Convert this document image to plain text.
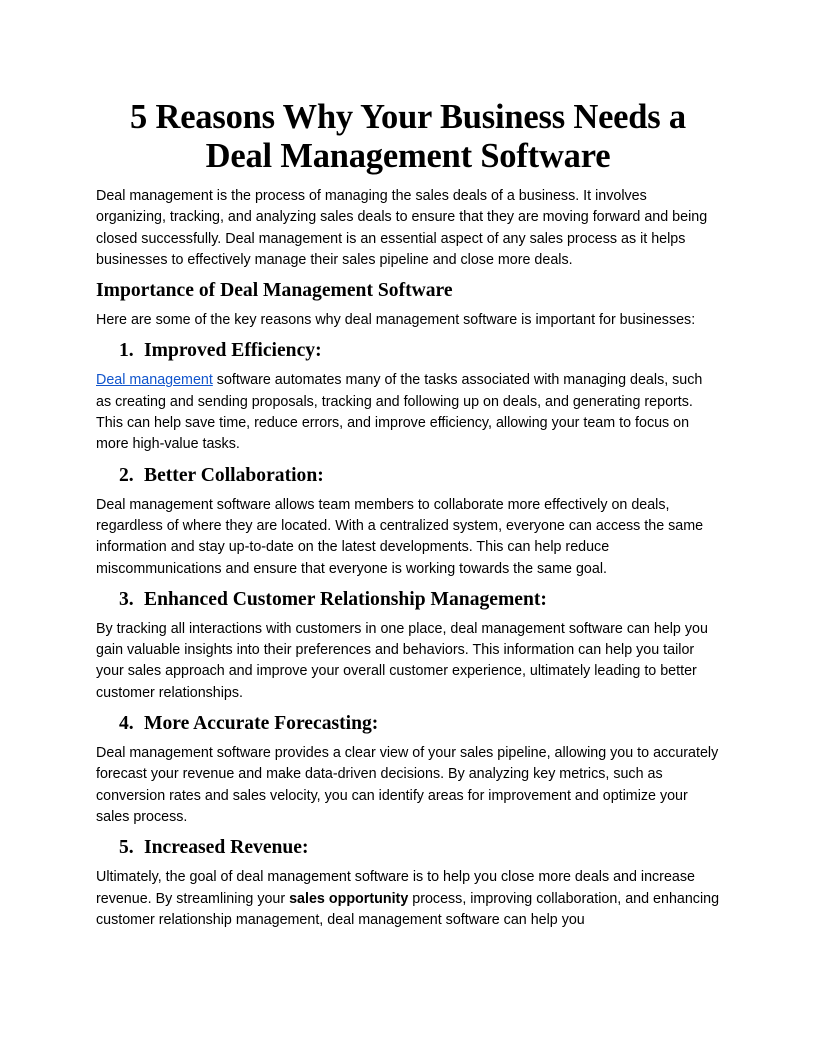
5 Reasons Why Your Business Needs a Deal Management Software

Deal management is the process of managing the sales deals of a business. It involves organizing, tracking, and analyzing sales deals to ensure that they are moving forward and being closed successfully. Deal management is an essential aspect of any sales process as it helps businesses to effectively manage their sales pipeline and close more deals.

Importance of Deal Management Software

Here are some of the key reasons why deal management software is important for businesses:

1. Improved Efficiency:

Deal management software automates many of the tasks associated with managing deals, such as creating and sending proposals, tracking and following up on deals, and generating reports. This can help save time, reduce errors, and improve efficiency, allowing your team to focus on more high-value tasks.

2. Better Collaboration:

Deal management software allows team members to collaborate more effectively on deals, regardless of where they are located. With a centralized system, everyone can access the same information and stay up-to-date on the latest developments. This can help reduce miscommunications and ensure that everyone is working towards the same goal.

3. Enhanced Customer Relationship Management:

By tracking all interactions with customers in one place, deal management software can help you gain valuable insights into their preferences and behaviors. This information can help you tailor your sales approach and improve your overall customer experience, ultimately leading to better customer relationships.

4. More Accurate Forecasting:

Deal management software provides a clear view of your sales pipeline, allowing you to accurately forecast your revenue and make data-driven decisions. By analyzing key metrics, such as conversion rates and sales velocity, you can identify areas for improvement and optimize your sales process.

5. Increased Revenue:

Ultimately, the goal of deal management software is to help you close more deals and increase revenue. By streamlining your sales opportunity process, improving collaboration, and enhancing customer relationship management, deal management software can help you
